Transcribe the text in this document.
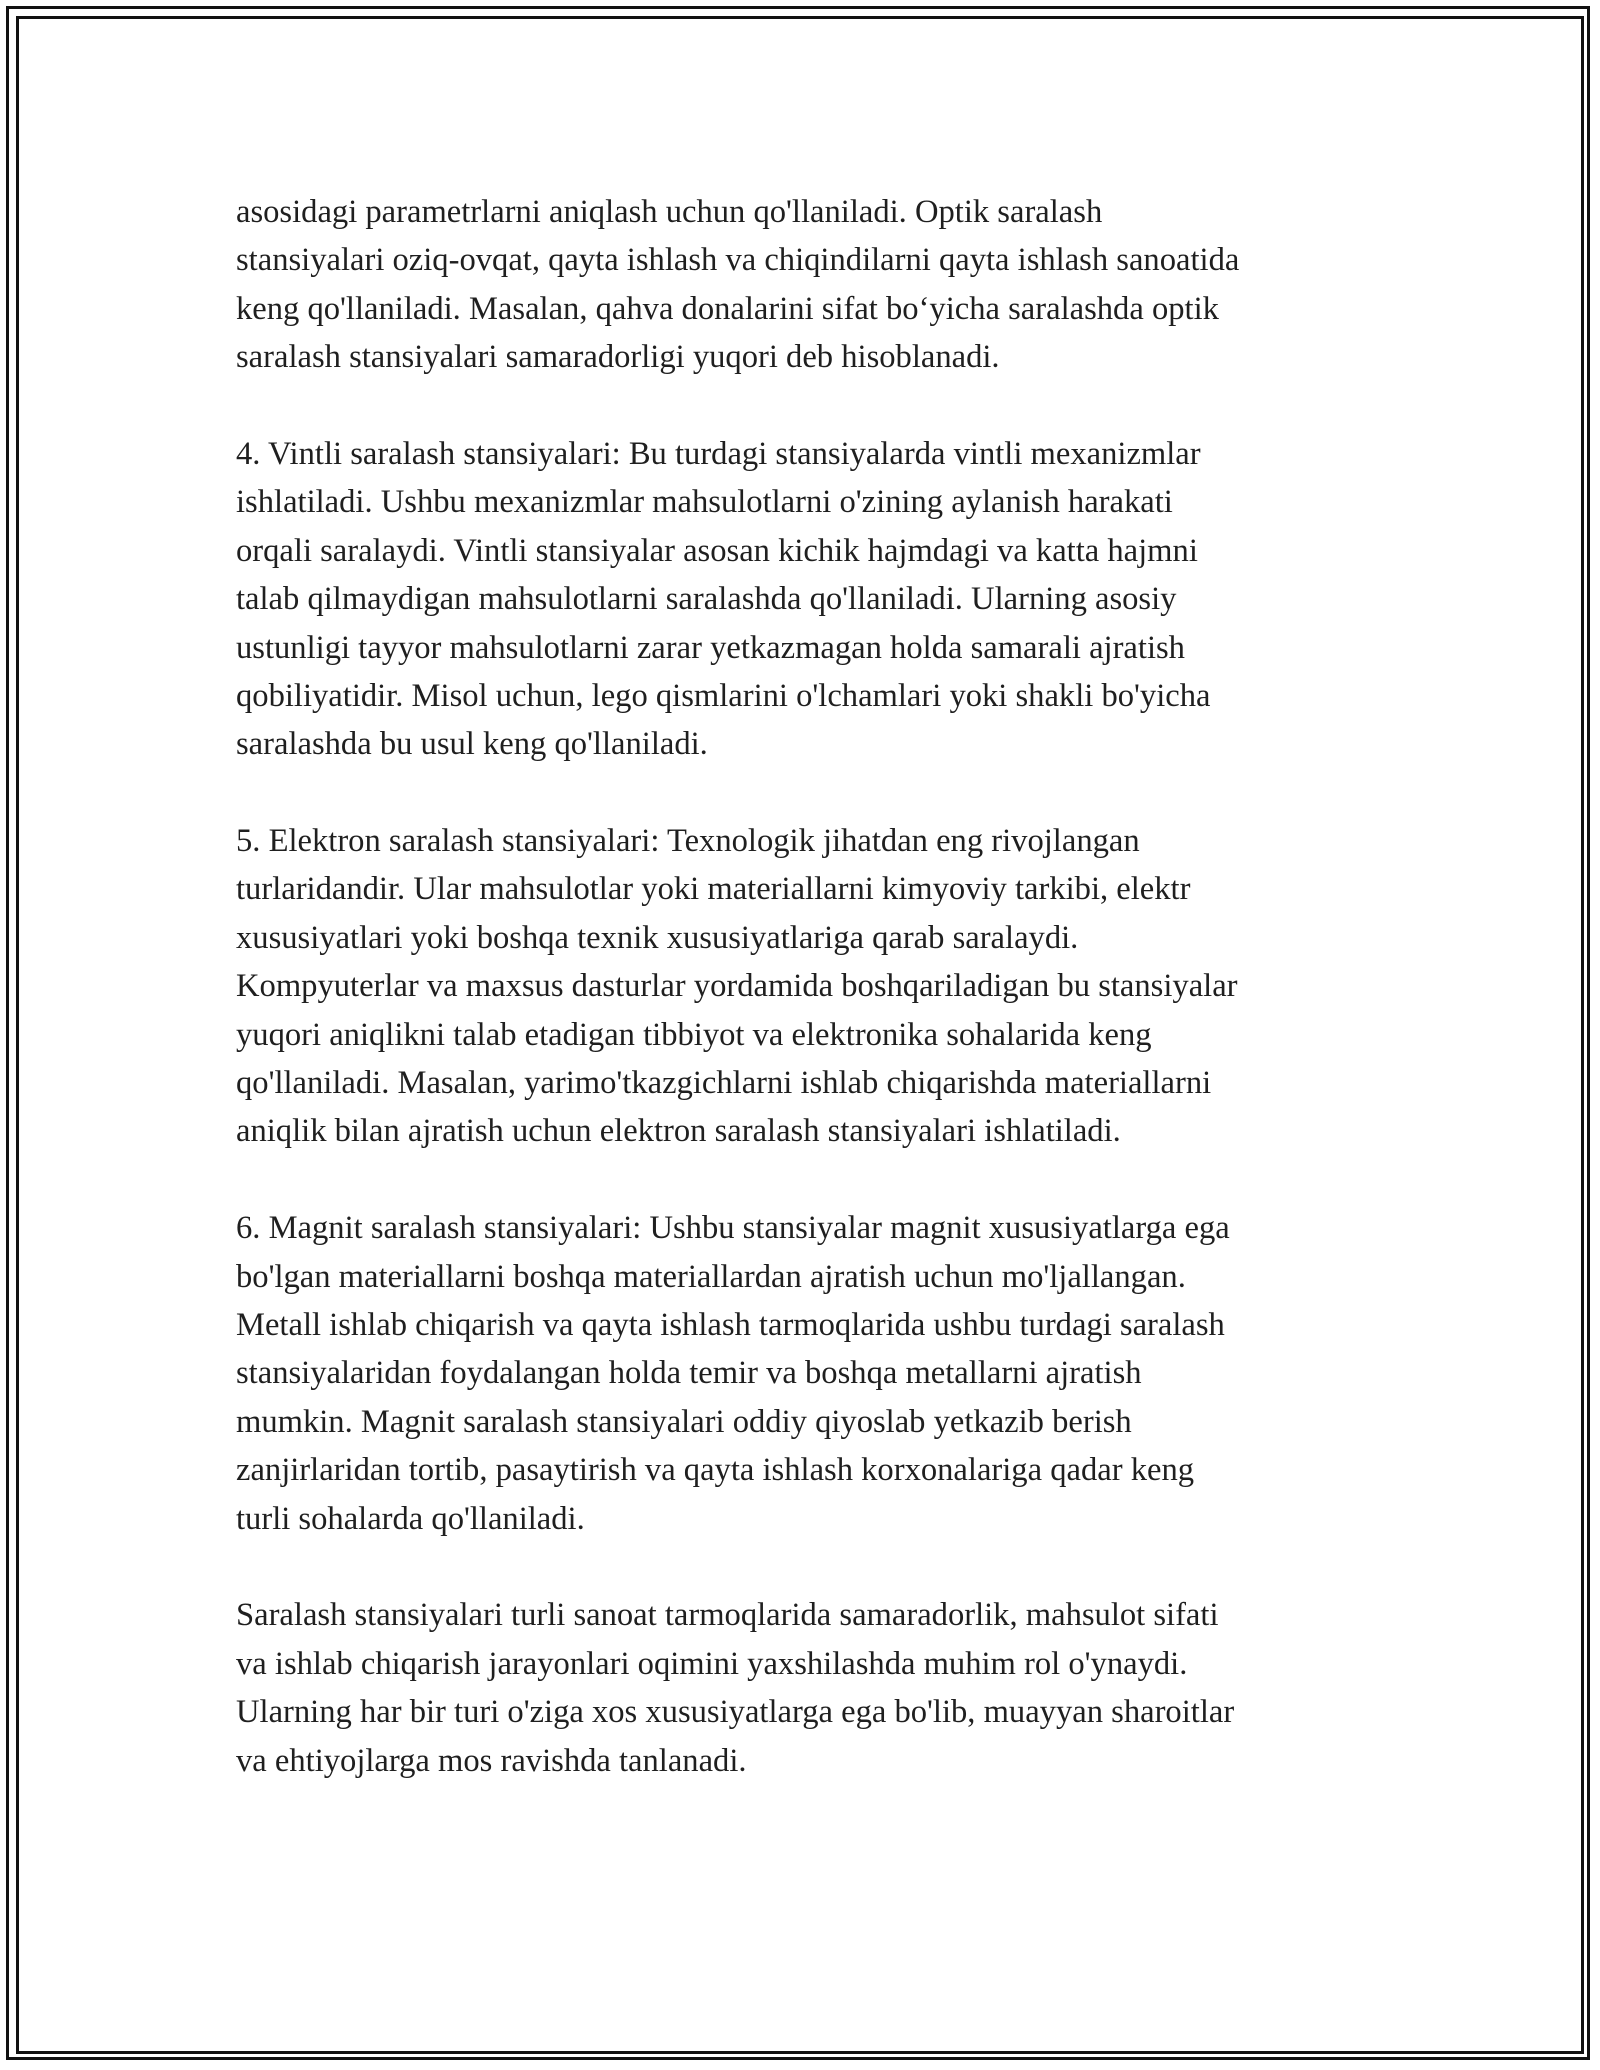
asosidagi parametrlarni aniqlash uchun qo'llaniladi. Optik saralash
stansiyalari oziq-ovqat, qayta ishlash va chiqindilarni qayta ishlash sanoatida
keng qo'llaniladi. Masalan, qahva donalarini sifat bo‘yicha saralashda optik
saralash stansiyalari samaradorligi yuqori deb hisoblanadi.
4. Vintli saralash stansiyalari: Bu turdagi stansiyalarda vintli mexanizmlar
ishlatiladi. Ushbu mexanizmlar mahsulotlarni o'zining aylanish harakati
orqali saralaydi. Vintli stansiyalar asosan kichik hajmdagi va katta hajmni
talab qilmaydigan mahsulotlarni saralashda qo'llaniladi. Ularning asosiy
ustunligi tayyor mahsulotlarni zarar yetkazmagan holda samarali ajratish
qobiliyatidir. Misol uchun, lego qismlarini o'lchamlari yoki shakli bo'yicha
saralashda bu usul keng qo'llaniladi.
5. Elektron saralash stansiyalari: Texnologik jihatdan eng rivojlangan
turlaridandir. Ular mahsulotlar yoki materiallarni kimyoviy tarkibi, elektr
xususiyatlari yoki boshqa texnik xususiyatlariga qarab saralaydi.
Kompyuterlar va maxsus dasturlar yordamida boshqariladigan bu stansiyalar
yuqori aniqlikni talab etadigan tibbiyot va elektronika sohalarida keng
qo'llaniladi. Masalan, yarimo'tkazgichlarni ishlab chiqarishda materiallarni
aniqlik bilan ajratish uchun elektron saralash stansiyalari ishlatiladi.
6. Magnit saralash stansiyalari: Ushbu stansiyalar magnit xususiyatlarga ega
bo'lgan materiallarni boshqa materiallardan ajratish uchun mo'ljallangan.
Metall ishlab chiqarish va qayta ishlash tarmoqlarida ushbu turdagi saralash
stansiyalaridan foydalangan holda temir va boshqa metallarni ajratish
mumkin. Magnit saralash stansiyalari oddiy qiyoslab yetkazib berish
zanjirlaridan tortib, pasaytirish va qayta ishlash korxonalariga qadar keng
turli sohalarda qo'llaniladi.
Saralash stansiyalari turli sanoat tarmoqlarida samaradorlik, mahsulot sifati
va ishlab chiqarish jarayonlari oqimini yaxshilashda muhim rol o'ynaydi.
Ularning har bir turi o'ziga xos xususiyatlarga ega bo'lib, muayyan sharoitlar
va ehtiyojlarga mos ravishda tanlanadi.
